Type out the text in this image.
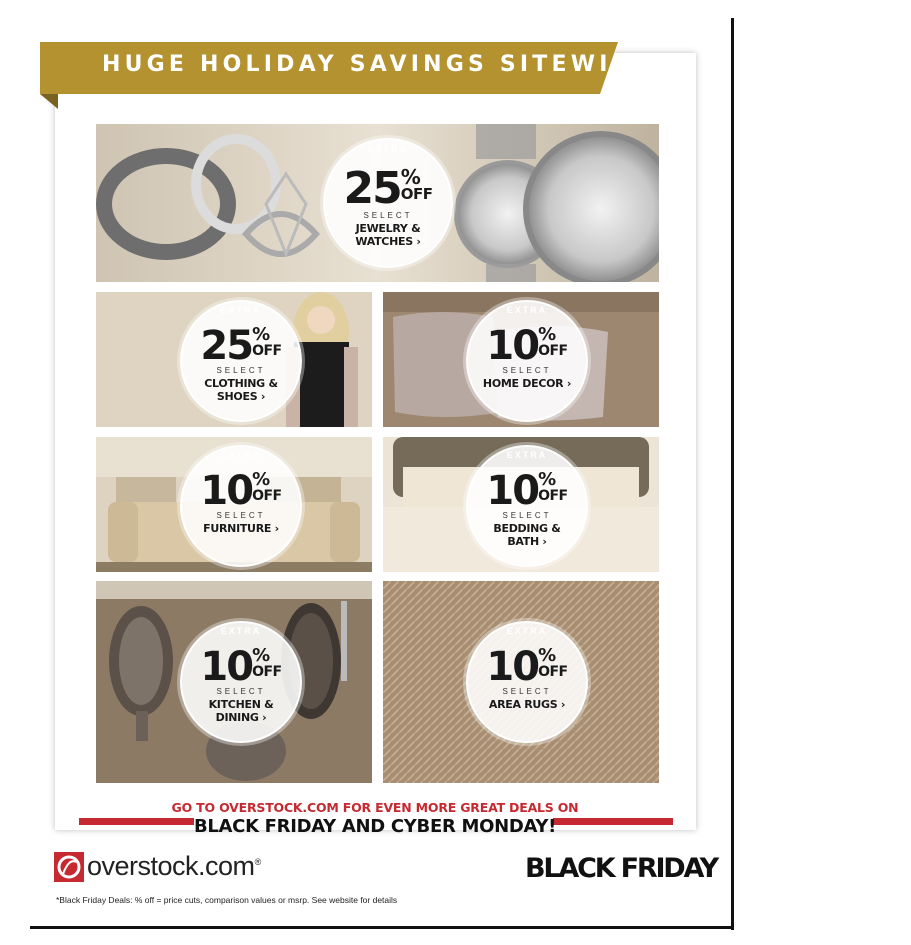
HUGE HOLIDAY SAVINGS SITEWIDE
EXTRA
25 %
OFF
SELECT
JEWELRY &
WATCHES ›
EXTRA
25 %
OFF
SELECT
CLOTHING &
SHOES ›
EXTRA
10 %
OFF
SELECT
HOME DECOR ›
EXTRA
10 %
OFF
SELECT
FURNITURE ›
EXTRA
10 %
OFF
SELECT
BEDDING &
BATH ›
EXTRA
10 %
OFF
SELECT
KITCHEN &
DINING ›
EXTRA
10 %
OFF
SELECT
AREA RUGS ›
GO TO OVERSTOCK.COM FOR EVEN MORE GREAT DEALS ON
BLACK FRIDAY AND CYBER MONDAY!
overstock.com®	BLACK FRIDAY
*Black Friday Deals: % off = price cuts, comparison values or msrp. See website for details
